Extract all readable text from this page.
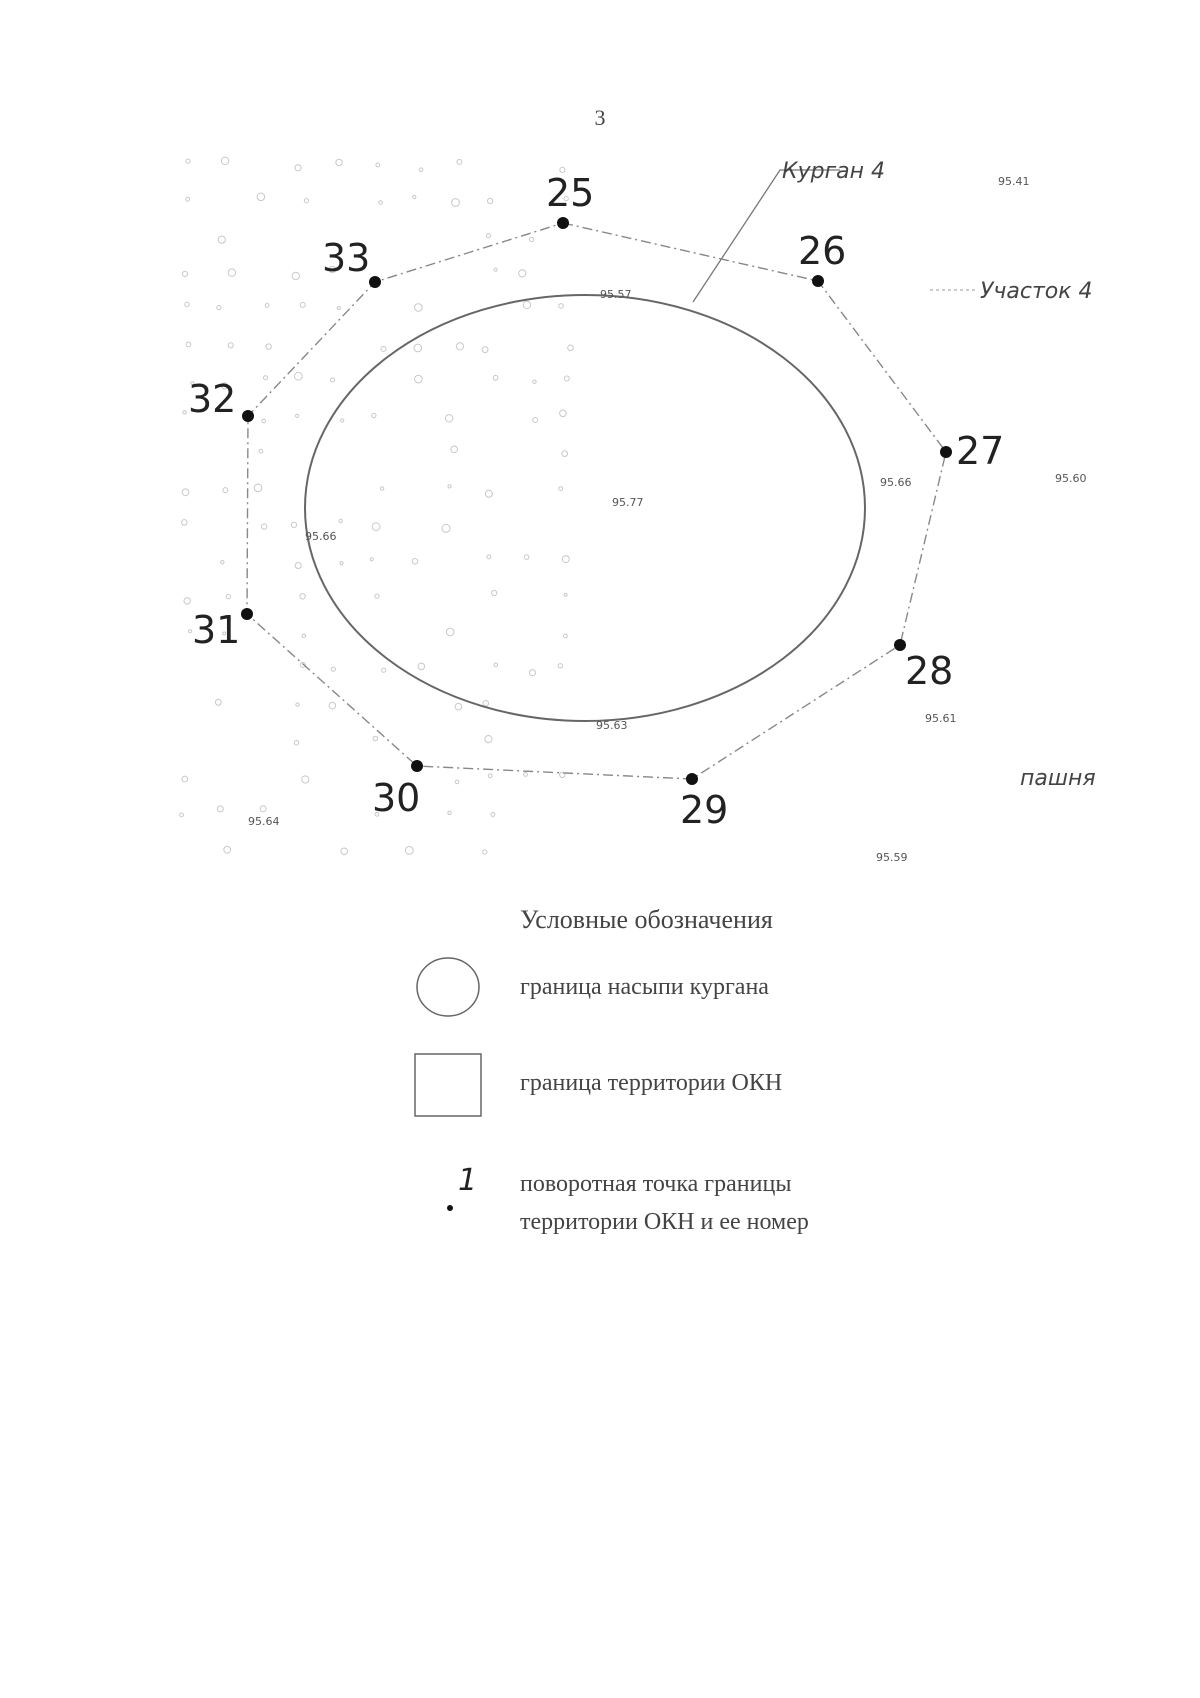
3
25
26
27
28
29
30
31
32
33
95.41
95.57
95.66	95.60
95.77
95.66
95.61
95.63
95.64
95.59
Курган 4
Участок 4
пашня
Условные обозначения
граница насыпи кургана
граница территории ОКН
1 поворотная точка границы
территории ОКН и ее номер
